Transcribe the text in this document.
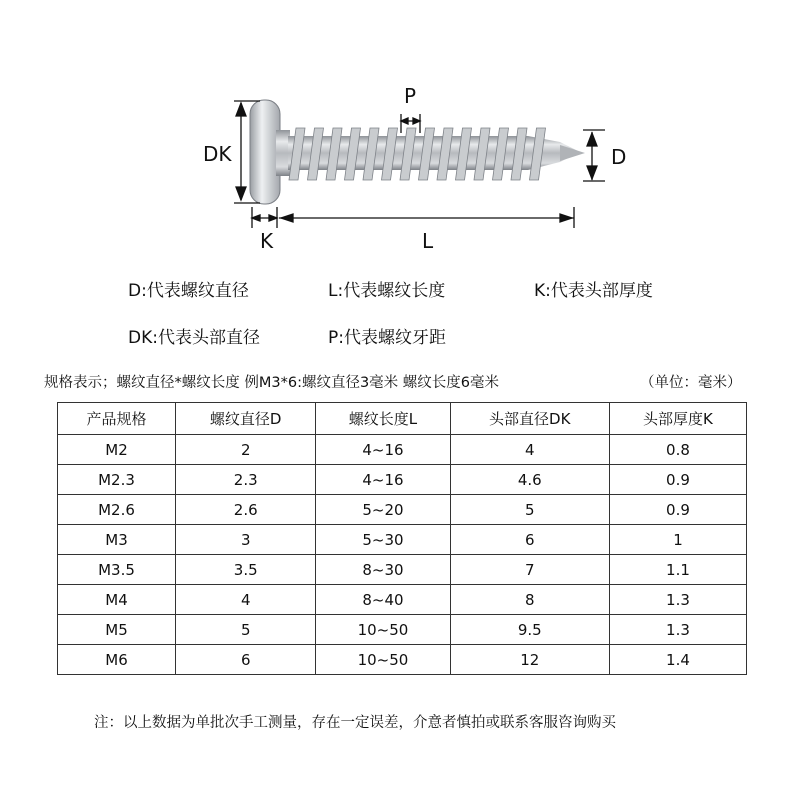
DK
P
D
K	L
D:代表螺纹直径	L:代表螺纹长度	K:代表头部厚度
DK:代表头部直径	P:代表螺纹牙距
规格表示；螺纹直径*螺纹长度 例M3*6:螺纹直径3毫米 螺纹长度6毫米	（单位：毫米）
产品规格	螺纹直径D	螺纹长度L	头部直径DK	头部厚度K
M2	2	4~16	4	0.8
M2.3	2.3	4~16	4.6	0.9
M2.6	2.6	5~20	5	0.9
M3	3	5~30	6	1
M3.5	3.5	8~30	7	1.1
M4	4	8~40	8	1.3
M5	5	10~50	9.5	1.3
M6	6	10~50	12	1.4
注：以上数据为单批次手工测量，存在一定误差，介意者慎拍或联系客服咨询购买
